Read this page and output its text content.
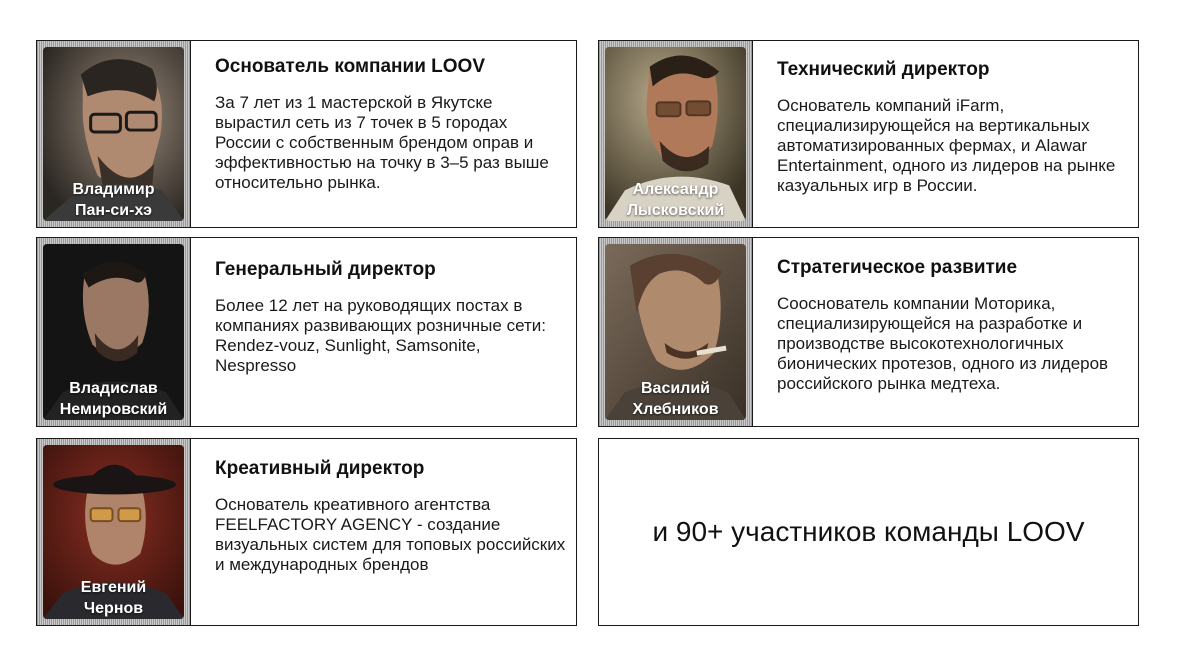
Владимир
Пан-си-хэ
Основатель компании LOOV
За 7 лет из 1 мастерской в Якутске вырастил сеть из 7 точек в 5 городах России с собственным брендом оправ и эффективностью на точку в 3–5 раз выше относительно рынка.	Александр
Лысковский
Технический директор
Основатель компаний iFarm, специализирующейся на вертикальных автоматизированных фермах, и Alawar Entertainment, одного из лидеров на рынке казуальных игр в России.
Владислав
Немировский
Генеральный директор
Более 12 лет на руководящих постах в компаниях развивающих розничные сети: Rendez-vouz, Sunlight, Samsonite, Nespresso
Василий
Хлебников
Стратегическое развитие
Сооснователь компании Моторика, специализирующейся на разработке и производстве высокотехнологичных бионических протезов, одного из лидеров российского рынка медтеха.
Евгений
Чернов
Креативный директор
Основатель креативного агентства FEELFACTORY AGENCY - создание визуальных систем для топовых российских и международных брендов
и 90+ участников команды LOOV
